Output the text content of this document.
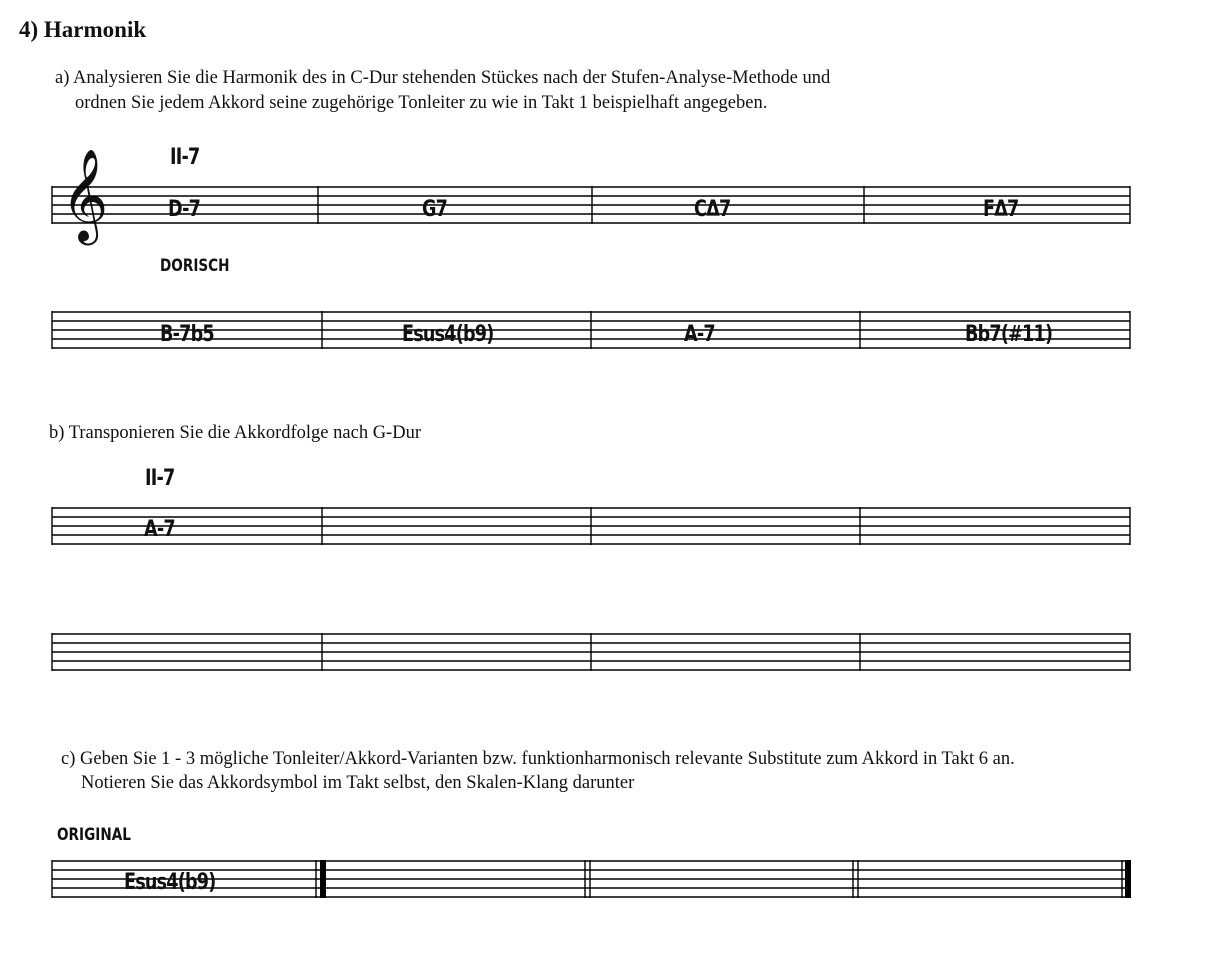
4) Harmonik
a) Analysieren Sie die Harmonik des in C-Dur stehenden Stückes nach der Stufen-Analyse-Methode und
ordnen Sie jedem Akkord seine zugehörige Tonleiter zu wie in Takt 1 beispielhaft angegeben.
II-7
𝄞	D-7	G7	CΔ7	FΔ7
DORISCH
B-7b5	Esus4(b9)	A-7	Bb7(#11)
b) Transponieren Sie die Akkordfolge nach G-Dur
II-7
A-7
c) Geben Sie 1 - 3 mögliche Tonleiter/Akkord-Varianten bzw. funktionharmonisch relevante Substitute zum Akkord in Takt 6 an.
Notieren Sie das Akkordsymbol im Takt selbst, den Skalen-Klang darunter
ORIGINAL
Esus4(b9)
